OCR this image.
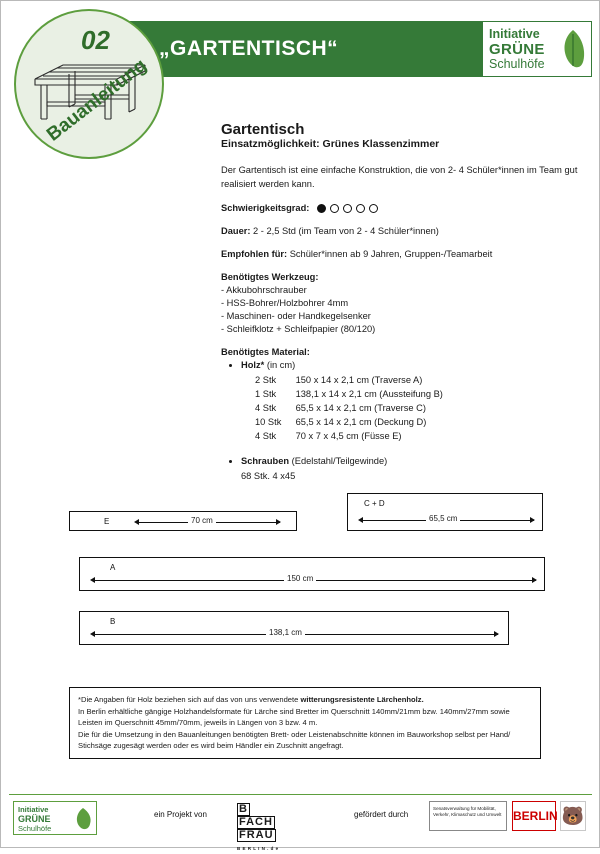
„GARTENTISCH“
Initiative
GRÜNE
Schulhöfe
02
Bauanleitung	Gartentisch
Einsatzmöglichkeit: Grünes Klassenzimmer
Der Gartentisch ist eine einfache Konstruktion, die von 2- 4 Schüler*innen im Team gut realisiert werden kann.
Schwierigkeitsgrad:
Dauer: 2 - 2,5 Std (im Team von 2 - 4 Schüler*innen)
Empfohlen für: Schüler*innen ab 9 Jahren, Gruppen-/Teamarbeit
Benötigtes Werkzeug:
- Akkubohrschrauber
- HSS-Bohrer/Holzbohrer 4mm
- Maschinen- oder Handkegelsenker
- Schleifklotz + Schleifpapier (80/120)
Benötigtes Material:
• Holz* (in cm)
2 Stk 150 x 14 x 2,1 cm (Traverse A)
1 Stk 138,1 x 14 x 2,1 cm (Aussteifung B)
4 Stk 65,5 x 14 x 2,1 cm (Traverse C)
10 Stk 65,5 x 14 x 2,1 cm (Deckung D)
4 Stk 70 x 7 x 4,5 cm (Füsse E)
• Schrauben (Edelstahl/Teilgewinde)
68 Stk. 4 x45
E	70 cm
C + D
65,5 cm
A
150 cm
B
138,1 cm
*Die Angaben für Holz beziehen sich auf das von uns verwendete witterungsresistente Lärchenholz.
In Berlin erhältliche gängige Holzhandelsformate für Lärche sind Bretter im Querschnitt 140mm/21mm bzw. 140mm/27mm sowie
Leisten im Querschnitt 45mm/70mm, jeweils in Längen von 3 bzw. 4 m.
Die für die Umsetzung in den Bauanleitungen benötigten Brett- oder Leistenabschnitte können im Bauworkshop selbst per Hand/
Stichsäge zugesägt werden oder es wird beim Händler ein Zuschnitt angefragt.
Initiative
GRÜNE
Schulhöfe
ein Projekt von	B
FACH
FRAU
B E R L I N . d e
gefördert durch
Senatsverwaltung für Mobilität, Verkehr, Klimaschutz und Umwelt BERLIN 🐻
